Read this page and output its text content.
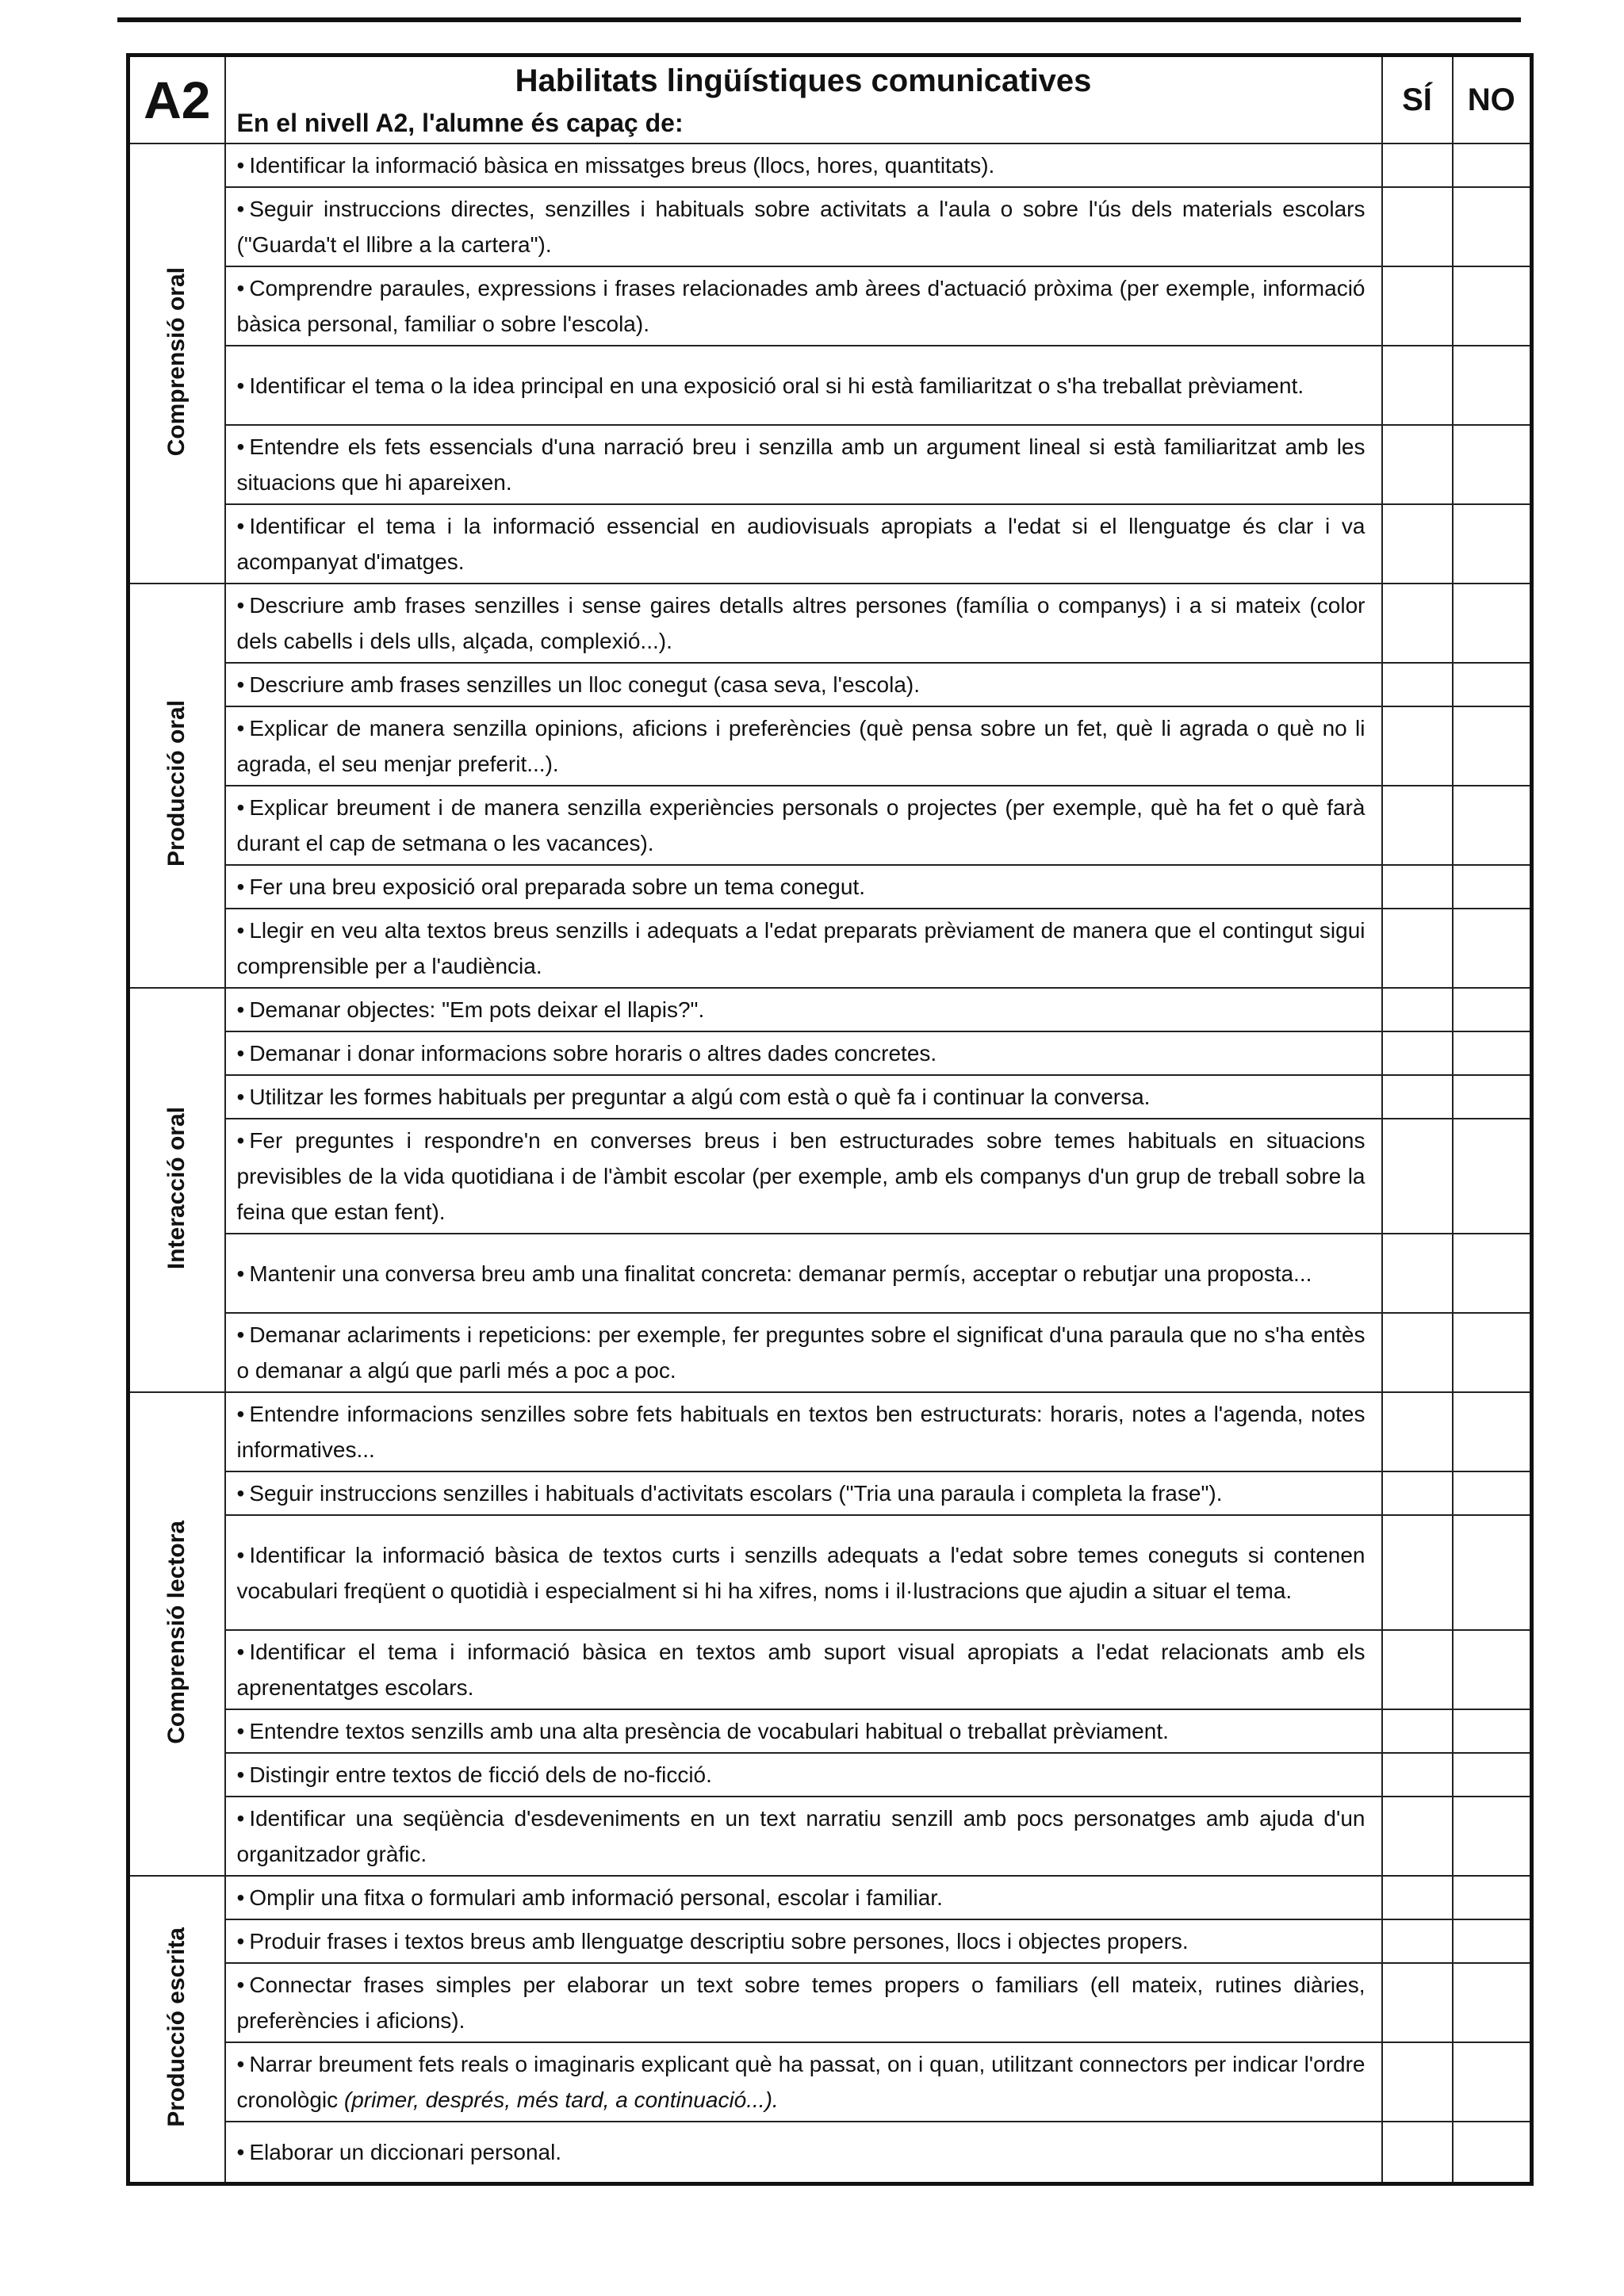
A2	Habilitats lingüístiques comunicatives
En el nivell A2, l'alumne és capaç de:	SÍ	NO
Comprensió oral	• Identificar la informació bàsica en missatges breus (llocs, hores, quantitats).		
	• Seguir instruccions directes, senzilles i habituals sobre activitats a l'aula o sobre l'ús dels materials escolars ("Guarda't el llibre a la cartera").		
	• Comprendre paraules, expressions i frases relacionades amb àrees d'actuació pròxima (per exemple, informació bàsica personal, familiar o sobre l'escola).		
	• Identificar el tema o la idea principal en una exposició oral si hi està familiaritzat o s'ha treballat prèviament.		
	• Entendre els fets essencials d'una narració breu i senzilla amb un argument lineal si està familiaritzat amb les situacions que hi apareixen.		
	• Identificar el tema i la informació essencial en audiovisuals apropiats a l'edat si el llenguatge és clar i va acompanyat d'imatges.		
Producció oral	• Descriure amb frases senzilles i sense gaires detalls altres persones (família o companys) i a si mateix (color dels cabells i dels ulls, alçada, complexió...).		
	• Descriure amb frases senzilles un lloc conegut (casa seva, l'escola).		
	• Explicar de manera senzilla opinions, aficions i preferències (què pensa sobre un fet, què li agrada o què no li agrada, el seu menjar preferit...).		
	• Explicar breument i de manera senzilla experiències personals o projectes (per exemple, què ha fet o què farà durant el cap de setmana o les vacances).		
	• Fer una breu exposició oral preparada sobre un tema conegut.		
	• Llegir en veu alta textos breus senzills i adequats a l'edat preparats prèviament de manera que el contingut sigui comprensible per a l'audiència.		
Interacció oral	• Demanar objectes: "Em pots deixar el llapis?".		
	• Demanar i donar informacions sobre horaris o altres dades concretes.		
	• Utilitzar les formes habituals per preguntar a algú com està o què fa i continuar la conversa.		
	• Fer preguntes i respondre'n en converses breus i ben estructurades sobre temes habituals en situacions previsibles de la vida quotidiana i de l'àmbit escolar (per exemple, amb els companys d'un grup de treball sobre la feina que estan fent).		
	• Mantenir una conversa breu amb una finalitat concreta: demanar permís, acceptar o rebutjar una proposta...		
	• Demanar aclariments i repeticions: per exemple, fer preguntes sobre el significat d'una paraula que no s'ha entès o demanar a algú que parli més a poc a poc.		
Comprensió lectora	• Entendre informacions senzilles sobre fets habituals en textos ben estructurats: horaris, notes a l'agenda, notes informatives...		
	• Seguir instruccions senzilles i habituals d'activitats escolars ("Tria una paraula i completa la frase").		
	• Identificar la informació bàsica de textos curts i senzills adequats a l'edat sobre temes coneguts si contenen vocabulari freqüent o quotidià i especialment si hi ha xifres, noms i il·lustracions que ajudin a situar el tema.		
	• Identificar el tema i informació bàsica en textos amb suport visual apropiats a l'edat relacionats amb els aprenentatges escolars.		
	• Entendre textos senzills amb una alta presència de vocabulari habitual o treballat prèviament.		
	• Distingir entre textos de ficció dels de no-ficció.		
	• Identificar una seqüència d'esdeveniments en un text narratiu senzill amb pocs personatges amb ajuda d'un organitzador gràfic.		
Producció escrita	• Omplir una fitxa o formulari amb informació personal, escolar i familiar.		
	• Produir frases i textos breus amb llenguatge descriptiu sobre persones, llocs i objectes propers.		
	• Connectar frases simples per elaborar un text sobre temes propers o familiars (ell mateix, rutines diàries, preferències i aficions).		
	• Narrar breument fets reals o imaginaris explicant què ha passat, on i quan, utilitzant connectors per indicar l'ordre cronològic (primer, després, més tard, a continuació...).		
	• Elaborar un diccionari personal.		
